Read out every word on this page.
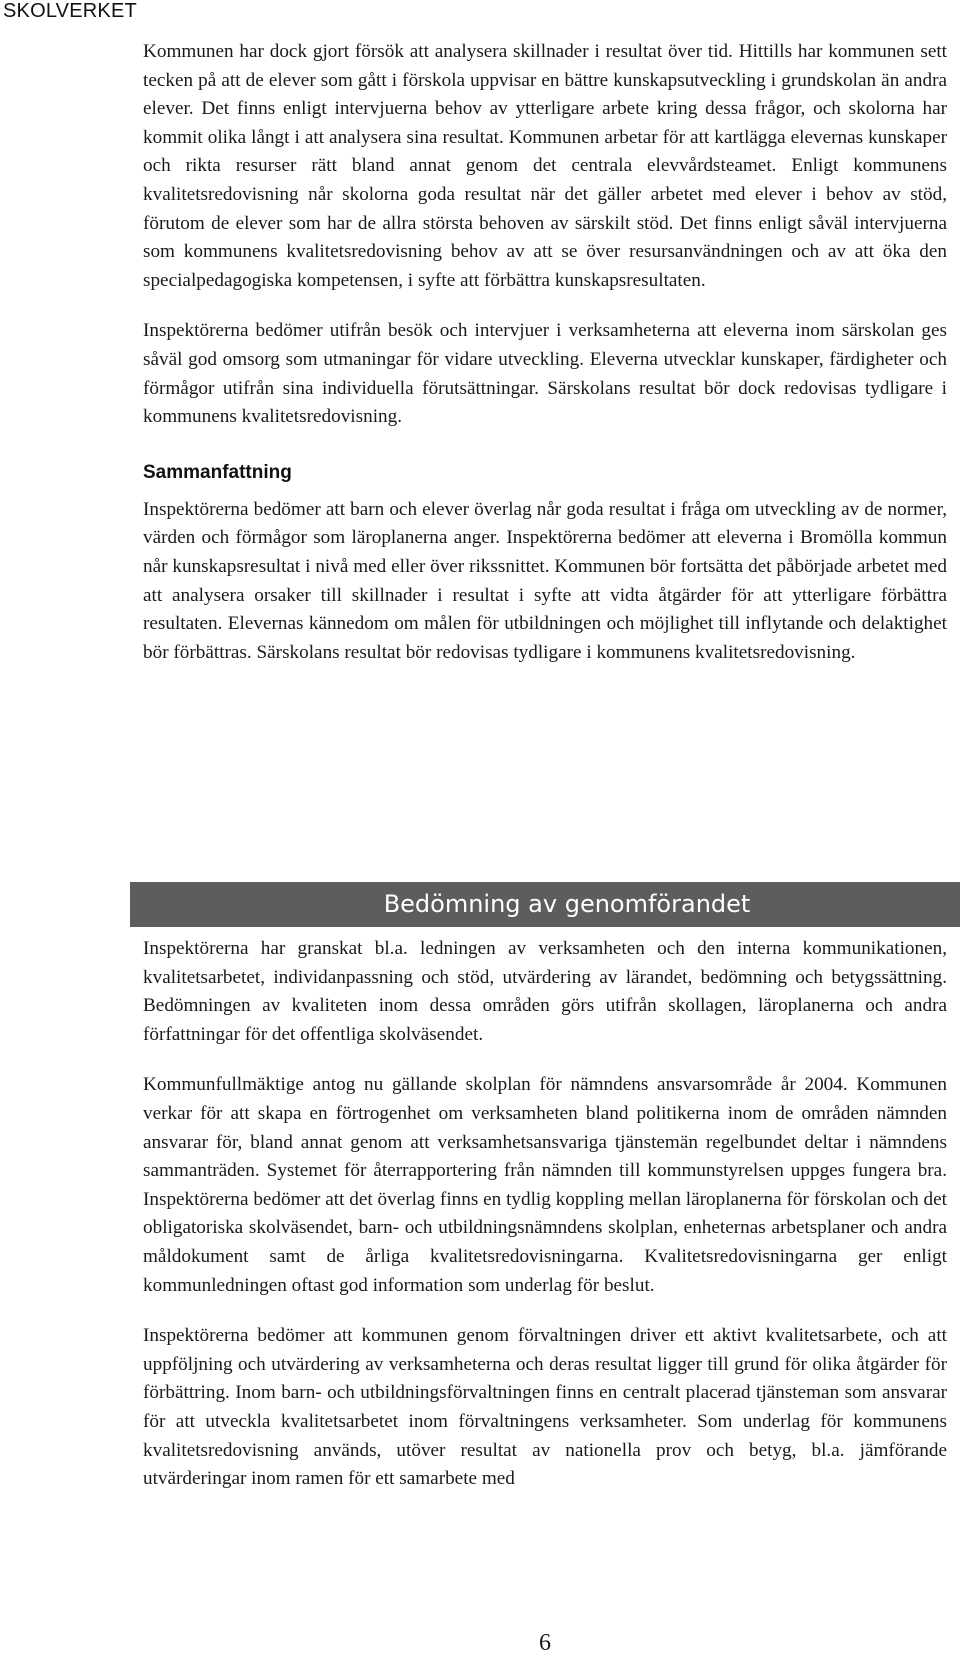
SKOLVERKET

Kommunen har dock gjort försök att analysera skillnader i resultat över tid. Hittills har kommunen sett tecken på att de elever som gått i förskola uppvisar en bättre kunskapsutveckling i grundskolan än andra elever. Det finns enligt intervjuerna behov av ytterligare arbete kring dessa frågor, och skolorna har kommit olika långt i att analysera sina resultat. Kommunen arbetar för att kartlägga elevernas kunskaper och rikta resurser rätt bland annat genom det centrala elevvårdsteamet. Enligt kommunens kvalitetsredovisning når skolorna goda resultat när det gäller arbetet med elever i behov av stöd, förutom de elever som har de allra största behoven av särskilt stöd. Det finns enligt såväl intervjuerna som kommunens kvalitetsredovisning behov av att se över resursanvändningen och av att öka den specialpedagogiska kompetensen, i syfte att förbättra kunskapsresultaten.

Inspektörerna bedömer utifrån besök och intervjuer i verksamheterna att eleverna inom särskolan ges såväl god omsorg som utmaningar för vidare utveckling. Eleverna utvecklar kunskaper, färdigheter och förmågor utifrån sina individuella förutsättningar. Särskolans resultat bör dock redovisas tydligare i kommunens kvalitetsredovisning.

Sammanfattning

Inspektörerna bedömer att barn och elever överlag når goda resultat i fråga om utveckling av de normer, värden och förmågor som läroplanerna anger. Inspektörerna bedömer att eleverna i Bromölla kommun når kunskapsresultat i nivå med eller över rikssnittet. Kommunen bör fortsätta det påbörjade arbetet med att analysera orsaker till skillnader i resultat i syfte att vidta åtgärder för att ytterligare förbättra resultaten. Elevernas kännedom om målen för utbildningen och möjlighet till inflytande och delaktighet bör förbättras. Särskolans resultat bör redovisas tydligare i kommunens kvalitetsredovisning.

Bedömning av genomförandet

Inspektörerna har granskat bl.a. ledningen av verksamheten och den interna kommunikationen, kvalitetsarbetet, individanpassning och stöd, utvärdering av lärandet, bedömning och betygssättning. Bedömningen av kvaliteten inom dessa områden görs utifrån skollagen, läroplanerna och andra författningar för det offentliga skolväsendet.

Kommunfullmäktige antog nu gällande skolplan för nämndens ansvarsområde år 2004. Kommunen verkar för att skapa en förtrogenhet om verksamheten bland politikerna inom de områden nämnden ansvarar för, bland annat genom att verksamhetsansvariga tjänstemän regelbundet deltar i nämndens sammanträden. Systemet för återrapportering från nämnden till kommunstyrelsen uppges fungera bra. Inspektörerna bedömer att det överlag finns en tydlig koppling mellan läroplanerna för förskolan och det obligatoriska skolväsendet, barn- och utbildningsnämndens skolplan, enheternas arbetsplaner och andra måldokument samt de årliga kvalitetsredovisningarna. Kvalitetsredovisningarna ger enligt kommunledningen oftast god information som underlag för beslut.

Inspektörerna bedömer att kommunen genom förvaltningen driver ett aktivt kvalitetsarbete, och att uppföljning och utvärdering av verksamheterna och deras resultat ligger till grund för olika åtgärder för förbättring. Inom barn- och utbildningsförvaltningen finns en centralt placerad tjänsteman som ansvarar för att utveckla kvalitetsarbetet inom förvaltningens verksamheter. Som underlag för kommunens kvalitetsredovisning används, utöver resultat av nationella prov och betyg, bl.a. jämförande utvärderingar inom ramen för ett samarbete med

6
